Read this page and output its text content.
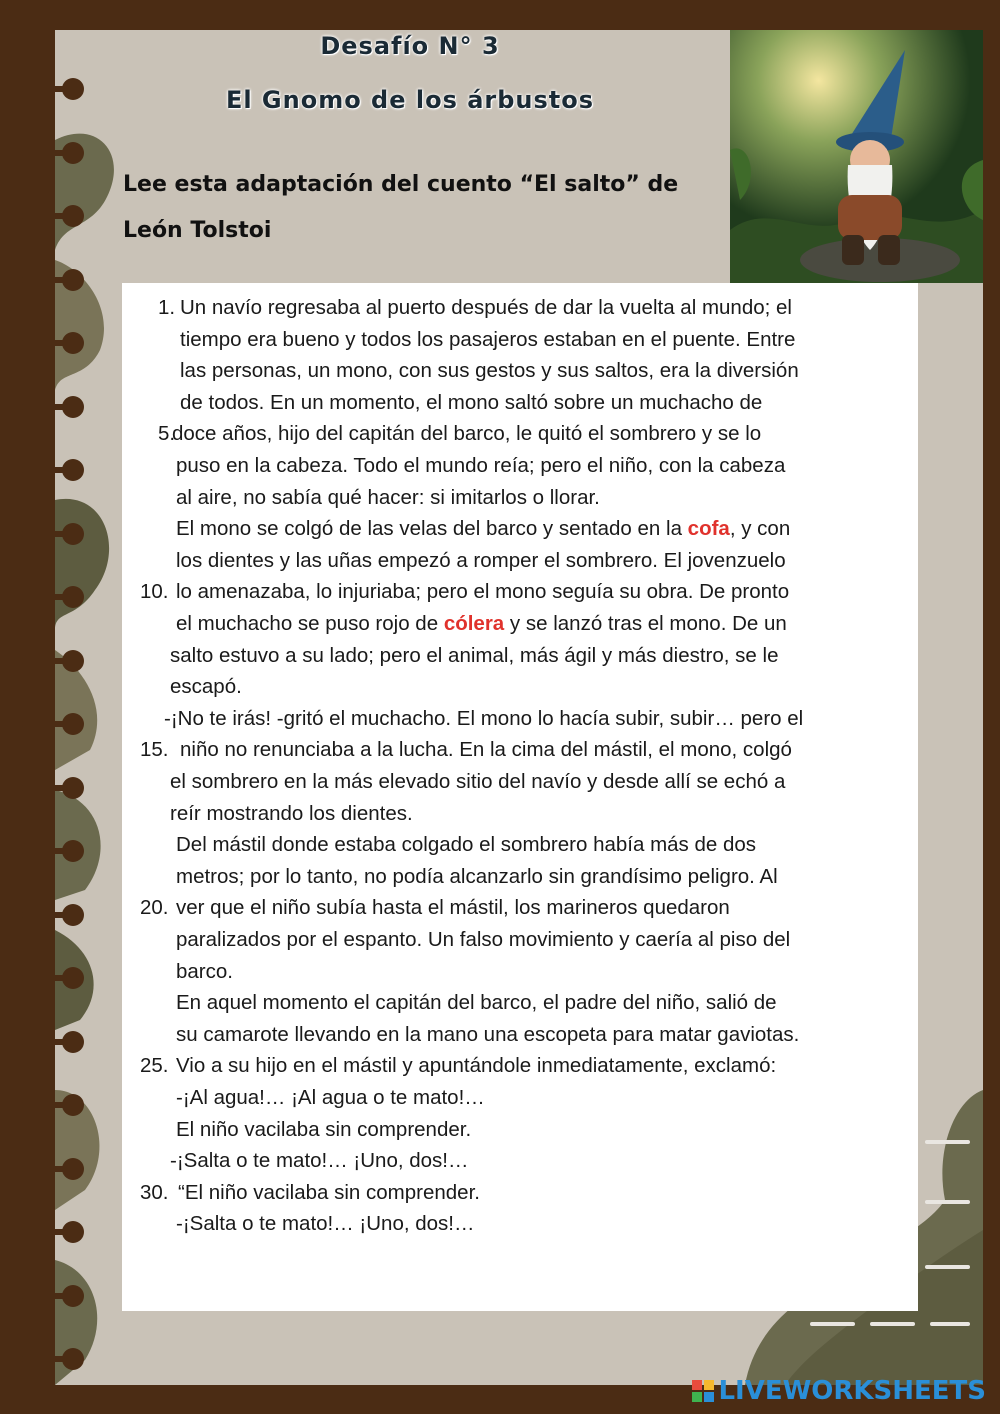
Desafío N° 3
El Gnomo de los árbustos
Lee esta adaptación del cuento “El salto” de
León Tolstoi
1. Un navío regresaba al puerto después de dar la vuelta al mundo; el
tiempo era bueno y todos los pasajeros estaban en el puente. Entre
las personas, un mono, con sus gestos y sus saltos, era la diversión
de todos. En un momento, el mono saltó sobre un muchacho de
5.
doce años, hijo del capitán del barco, le quitó el sombrero y se lo
puso en la cabeza. Todo el mundo reía; pero el niño, con la cabeza
al aire, no sabía qué hacer: si imitarlos o llorar.
El mono se colgó de las velas del barco y sentado en la cofa, y con
los dientes y las uñas empezó a romper el sombrero. El jovenzuelo
10. lo amenazaba, lo injuriaba; pero el mono seguía su obra. De pronto
el muchacho se puso rojo de cólera y se lanzó tras el mono. De un
salto estuvo a su lado; pero el animal, más ágil y más diestro, se le
escapó.
-¡No te irás! -gritó el muchacho. El mono lo hacía subir, subir… pero el
15. niño no renunciaba a la lucha. En la cima del mástil, el mono, colgó
el sombrero en la más elevado sitio del navío y desde allí se echó a
reír mostrando los dientes.
Del mástil donde estaba colgado el sombrero había más de dos
metros; por lo tanto, no podía alcanzarlo sin grandísimo peligro. Al
20. ver que el niño subía hasta el mástil, los marineros quedaron
paralizados por el espanto. Un falso movimiento y caería al piso del
barco.
En aquel momento el capitán del barco, el padre del niño, salió de
su camarote llevando en la mano una escopeta para matar gaviotas.
25. Vio a su hijo en el mástil y apuntándole inmediatamente, exclamó:
-¡Al agua!… ¡Al agua o te mato!…
El niño vacilaba sin comprender.
-¡Salta o te mato!… ¡Uno, dos!…
30. “El niño vacilaba sin comprender.
-¡Salta o te mato!… ¡Uno, dos!…
LIVEWORKSHEETS
